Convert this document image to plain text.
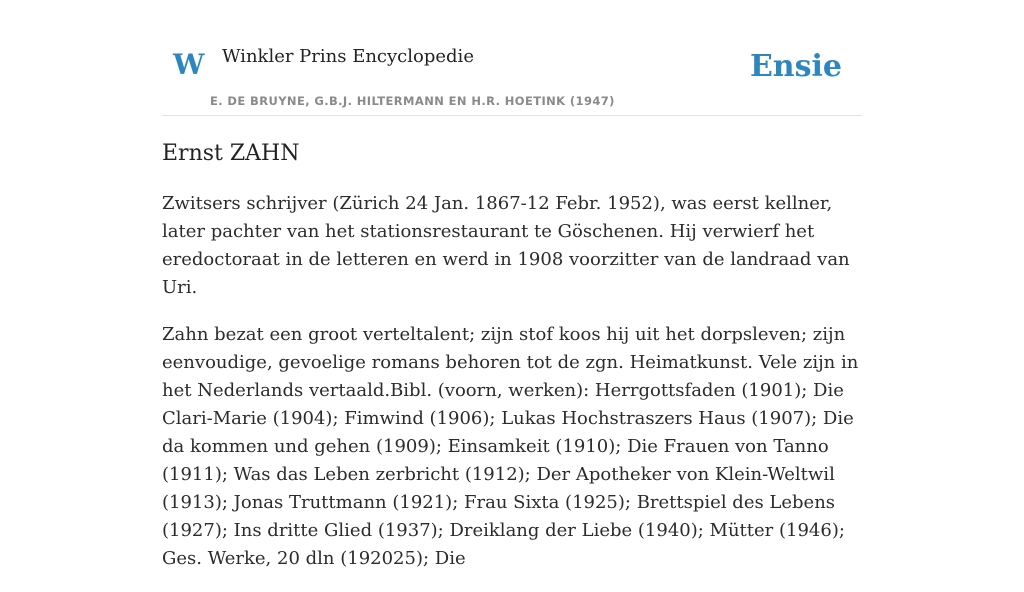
W Winkler Prins Encyclopedie	Ensie
E. DE BRUYNE, G.B.J. HILTERMANN EN H.R. HOETINK (1947)
Ernst ZAHN

Zwitsers schrijver (Zürich 24 Jan. 1867-12 Febr. 1952), was eerst kellner, later pachter van het stationsrestaurant te Göschenen. Hij verwierf het eredoctoraat in de letteren en werd in 1908 voorzitter van de landraad van Uri.

Zahn bezat een groot verteltalent; zijn stof koos hij uit het dorpsleven; zijn eenvoudige, gevoelige romans behoren tot de zgn. Heimatkunst. Vele zijn in het Nederlands vertaald.Bibl. (voorn, werken): Herrgottsfaden (1901); Die Clari-Marie (1904); Fimwind (1906); Lukas Hochstraszers Haus (1907); Die da kommen und gehen (1909); Einsamkeit (1910); Die Frauen von Tanno (1911); Was das Leben zerbricht (1912); Der Apotheker von Klein-Weltwil (1913); Jonas Truttmann (1921); Frau Sixta (1925); Brettspiel des Lebens (1927); Ins dritte Glied (1937); Dreiklang der Liebe (1940); Mütter (1946); Ges. Werke, 20 dln (192025); Die
